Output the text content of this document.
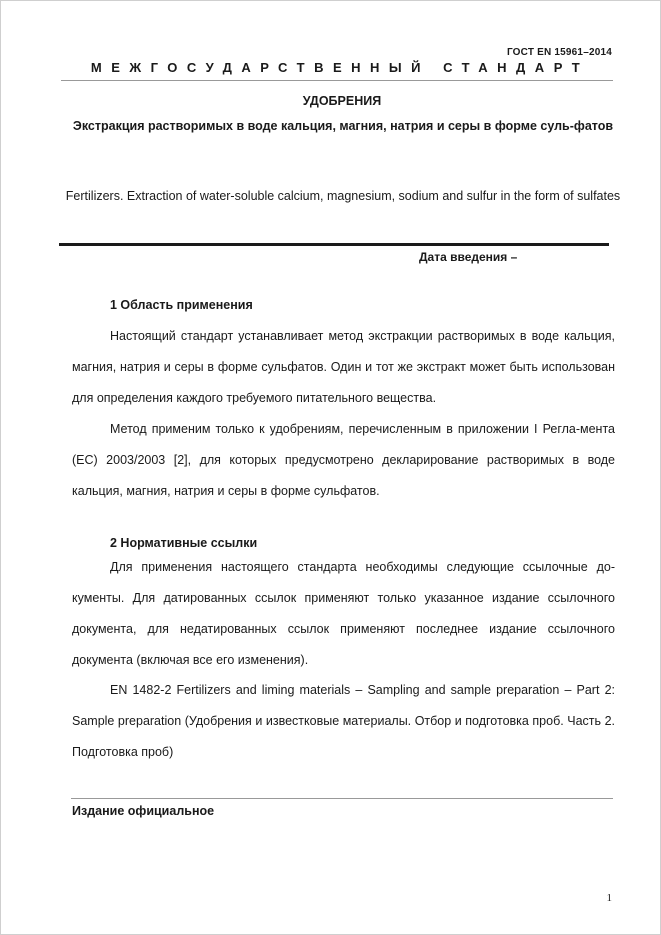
ГОСТ EN 15961–2014
МЕЖГОСУДАРСТВЕННЫЙ СТАНДАРТ
УДОБРЕНИЯ
Экстракция растворимых в воде кальция, магния, натрия и серы в форме суль-фатов
Fertilizers. Extraction of water-soluble calcium, magnesium, sodium and sulfur in the form of sulfates
Дата введения –
1 Область применения

Настоящий стандарт устанавливает метод экстракции растворимых в воде кальция, магния, натрия и серы в форме сульфатов. Один и тот же экстракт может быть использован для определения каждого требуемого питательного вещества.

Метод применим только к удобрениям, перечисленным в приложении I Регла-мента (ЕС) 2003/2003 [2], для которых предусмотрено декларирование растворимых в воде кальция, магния, натрия и серы в форме сульфатов.

2 Нормативные ссылки

Для применения настоящего стандарта необходимы следующие ссылочные до-кументы. Для датированных ссылок применяют только указанное издание ссылочного документа, для недатированных ссылок применяют последнее издание ссылочного документа (включая все его изменения).

EN 1482-2 Fertilizers and liming materials – Sampling and sample preparation – Part 2: Sample preparation (Удобрения и известковые материалы. Отбор и подготовка проб. Часть 2. Подготовка проб)

Издание официальное
1
